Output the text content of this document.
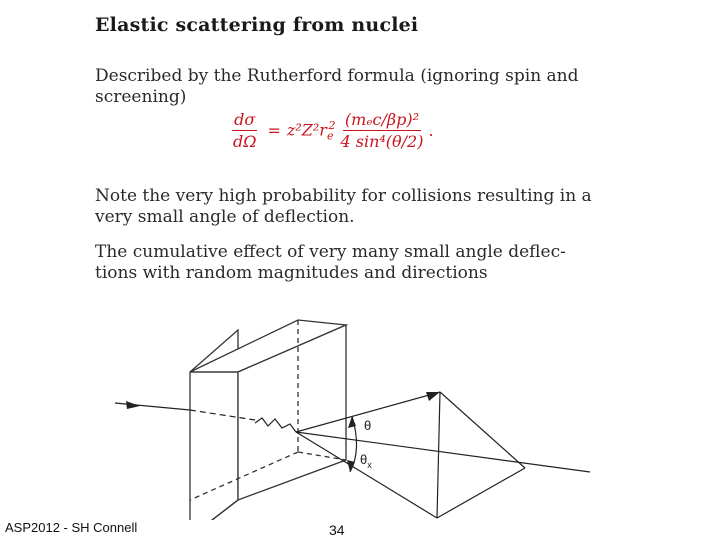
Elastic scattering from nuclei
Described by the Rutherford formula (ignoring spin and screening)
$\frac{d\sigma}{d\Omega} = z^2Z^2r_e^2 \frac{\text{(mₑc/βp)²}}{\text{4 sin⁴(θ/2)}}$ .
Note the very high probability for collisions resulting in a very small angle of deflection.
The cumulative effect of very many small angle deflections with random magnitudes and directions
θ
$\theta_x$
ASP2012 - SH Connell	34
